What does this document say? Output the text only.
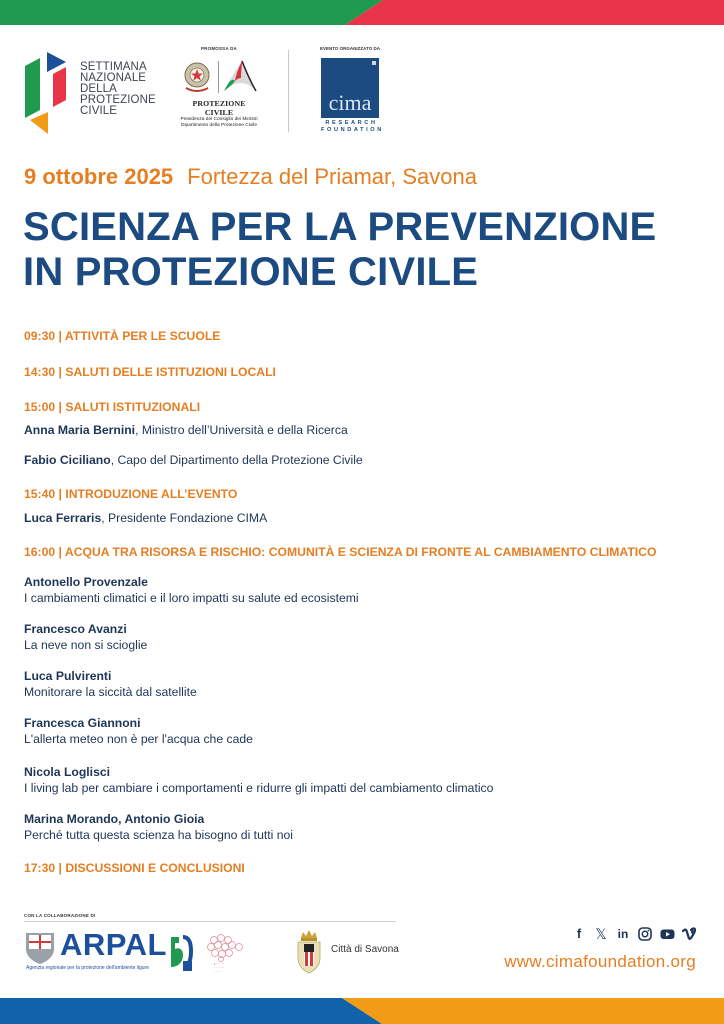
SETTIMANA
NAZIONALE
DELLA
PROTEZIONE
CIVILE
PROMOSSA DA
PROTEZIONE CIVILE
Presidenza del Consiglio dei Ministri
Dipartimento della Protezione Civile
EVENTO ORGANIZZATO DA
cima
RESEARCH
FOUNDATION
9 ottobre 2025 Fortezza del Priamar, Savona
SCIENZA PER LA PREVENZIONE
IN PROTEZIONE CIVILE
09:30 | ATTIVITÀ PER LE SCUOLE
14:30 | SALUTI DELLE ISTITUZIONI LOCALI
15:00 | SALUTI ISTITUZIONALI
Anna Maria Bernini, Ministro dell’Università e della Ricerca
Fabio Ciciliano, Capo del Dipartimento della Protezione Civile
15:40 | INTRODUZIONE ALL’EVENTO
Luca Ferraris, Presidente Fondazione CIMA
16:00 | ACQUA TRA RISORSA E RISCHIO: COMUNITÀ E SCIENZA DI FRONTE AL CAMBIAMENTO CLIMATICO
Antonello Provenzale
I cambiamenti climatici e il loro impatti su salute ed ecosistemi
Francesco Avanzi
La neve non si scioglie
Luca Pulvirenti
Monitorare la siccità dal satellite
Francesca Giannoni
L'allerta meteo non è per l'acqua che cade
Nicola Loglisci
I living lab per cambiare i comportamenti e ridurre gli impatti del cambiamento climatico
Marina Morando, Antonio Gioia
Perché tutta questa scienza ha bisogno di tutti noi
17:30 | DISCUSSIONI E CONCLUSIONI
CON LA COLLABORAZIONE DI
ARPAL
Agenzia regionale per la protezione dell'ambiente ligure
• · · · ·
· · · · ·
· · · ·
Città di Savona
f	𝕏 in
www.cimafoundation.org
